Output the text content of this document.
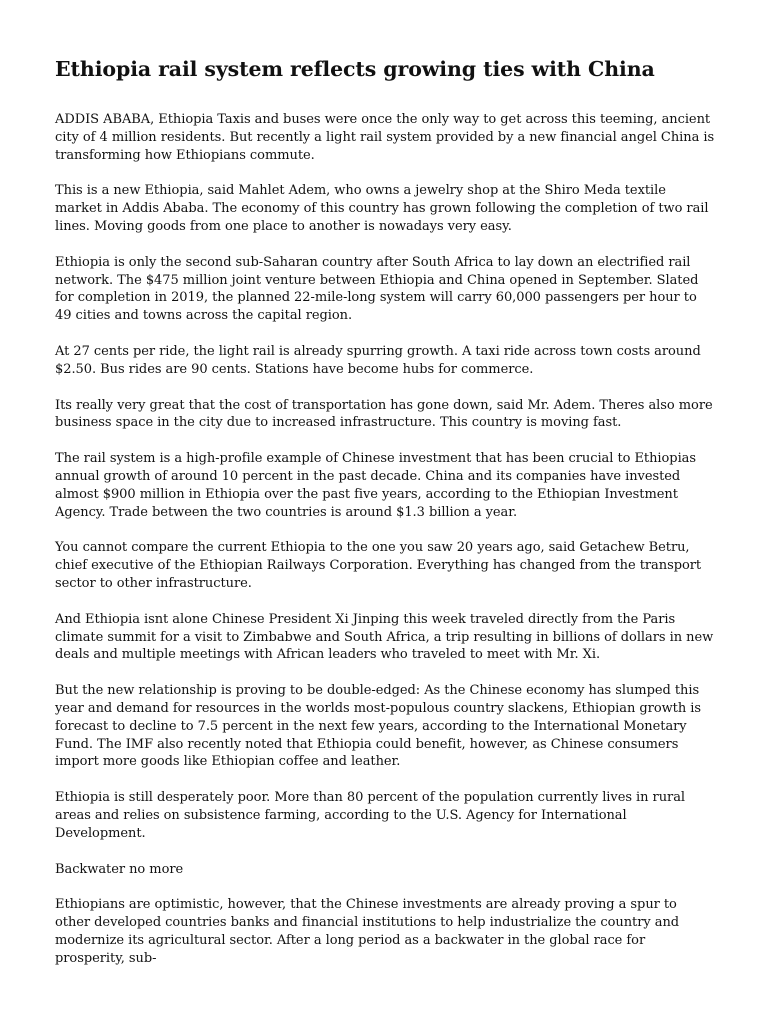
Ethiopia rail system reflects growing ties with China

ADDIS ABABA, Ethiopia Taxis and buses were once the only way to get across this teeming, ancient city of 4 million residents. But recently a light rail system provided by a new financial angel China is transforming how Ethiopians commute.

This is a new Ethiopia, said Mahlet Adem, who owns a jewelry shop at the Shiro Meda textile market in Addis Ababa. The economy of this country has grown following the completion of two rail lines. Moving goods from one place to another is nowadays very easy.

Ethiopia is only the second sub-Saharan country after South Africa to lay down an electrified rail network. The $475 million joint venture between Ethiopia and China opened in September. Slated for completion in 2019, the planned 22-mile-long system will carry 60,000 passengers per hour to 49 cities and towns across the capital region.

At 27 cents per ride, the light rail is already spurring growth. A taxi ride across town costs around $2.50. Bus rides are 90 cents. Stations have become hubs for commerce.

Its really very great that the cost of transportation has gone down, said Mr. Adem. Theres also more business space in the city due to increased infrastructure. This country is moving fast.

The rail system is a high-profile example of Chinese investment that has been crucial to Ethiopias annual growth of around 10 percent in the past decade. China and its companies have invested almost $900 million in Ethiopia over the past five years, according to the Ethiopian Investment Agency. Trade between the two countries is around $1.3 billion a year.

You cannot compare the current Ethiopia to the one you saw 20 years ago, said Getachew Betru, chief executive of the Ethiopian Railways Corporation. Everything has changed from the transport sector to other infrastructure.

And Ethiopia isnt alone Chinese President Xi Jinping this week traveled directly from the Paris climate summit for a visit to Zimbabwe and South Africa, a trip resulting in billions of dollars in new deals and multiple meetings with African leaders who traveled to meet with Mr. Xi.

But the new relationship is proving to be double-edged: As the Chinese economy has slumped this year and demand for resources in the worlds most-populous country slackens, Ethiopian growth is forecast to decline to 7.5 percent in the next few years, according to the International Monetary Fund. The IMF also recently noted that Ethiopia could benefit, however, as Chinese consumers import more goods like Ethiopian coffee and leather.

Ethiopia is still desperately poor. More than 80 percent of the population currently lives in rural areas and relies on subsistence farming, according to the U.S. Agency for International Development.

Backwater no more

Ethiopians are optimistic, however, that the Chinese investments are already proving a spur to other developed countries banks and financial institutions to help industrialize the country and modernize its agricultural sector. After a long period as a backwater in the global race for prosperity, sub-
